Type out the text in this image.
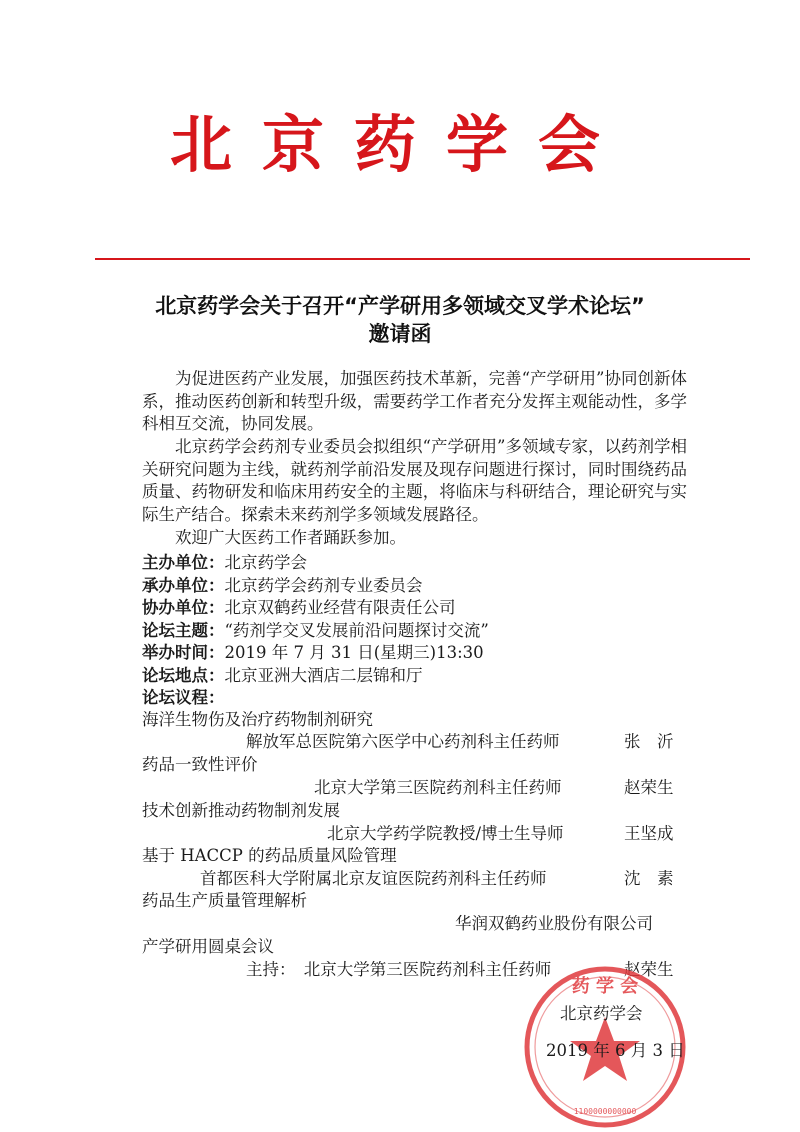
北京药学会
北京药学会关于召开“产学研用多领域交叉学术论坛”
邀请函

为促进医药产业发展，加强医药技术革新，完善“产学研用”协同创新体系，推动医药创新和转型升级，需要药学工作者充分发挥主观能动性，多学科相互交流，协同发展。

北京药学会药剂专业委员会拟组织“产学研用”多领域专家，以药剂学相关研究问题为主线，就药剂学前沿发展及现存问题进行探讨，同时围绕药品质量、药物研发和临床用药安全的主题，将临床与科研结合，理论研究与实际生产结合。探索未来药剂学多领域发展路径。

欢迎广大医药工作者踊跃参加。

主办单位：北京药学会
承办单位：北京药学会药剂专业委员会
协办单位：北京双鹤药业经营有限责任公司
论坛主题：“药剂学交叉发展前沿问题探讨交流”
举办时间：2019 年 7 月 31 日(星期三)13:30
论坛地点：北京亚洲大酒店二层锦和厅
论坛议程：
海洋生物伤及治疗药物制剂研究
解放军总医院第六医学中心药剂科主任药师	张　沂
药品一致性评价
北京大学第三医院药剂科主任药师	赵荣生
技术创新推动药物制剂发展
北京大学药学院教授/博士生导师	王坚成
基于 HACCP 的药品质量风险管理
首都医科大学附属北京友谊医院药剂科主任药师	沈　素
药品生产质量管理解析
华润双鹤药业股份有限公司
产学研用圆桌会议
主持：　北京大学第三医院药剂科主任药师	赵荣生
药 学 会
1100000000000
北京药学会
2019 年 6 月 3 日
